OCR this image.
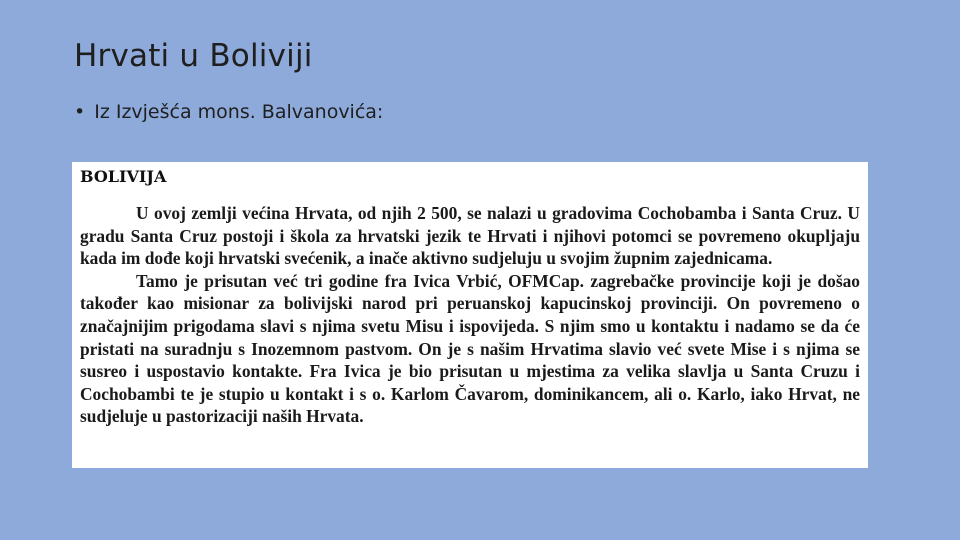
Hrvati u Boliviji
• Iz Izvješća mons. Balvanovića:
BOLIVIJA

U ovoj zemlji većina Hrvata, od njih 2 500, se nalazi u gradovima Cochobamba i Santa Cruz. U gradu Santa Cruz postoji i škola za hrvatski jezik te Hrvati i njihovi potomci se povremeno okupljaju kada im dođe koji hrvatski svećenik, a inače aktivno sudjeluju u svojim župnim zajednicama.

Tamo je prisutan već tri godine fra Ivica Vrbić, OFMCap. zagrebačke provincije koji je došao također kao misionar za bolivijski narod pri peruanskoj kapucinskoj provinciji. On povremeno o značajnijim prigodama slavi s njima svetu Misu i ispovijeda. S njim smo u kontaktu i nadamo se da će pristati na suradnju s Inozemnom pastvom. On je s našim Hrvatima slavio već svete Mise i s njima se susreo i uspostavio kontakte. Fra Ivica je bio prisutan u mjestima za velika slavlja u Santa Cruzu i Cochobambi te je stupio u kontakt i s o. Karlom Čavarom, dominikancem, ali o. Karlo, iako Hrvat, ne sudjeluje u pastorizaciji naših Hrvata.
